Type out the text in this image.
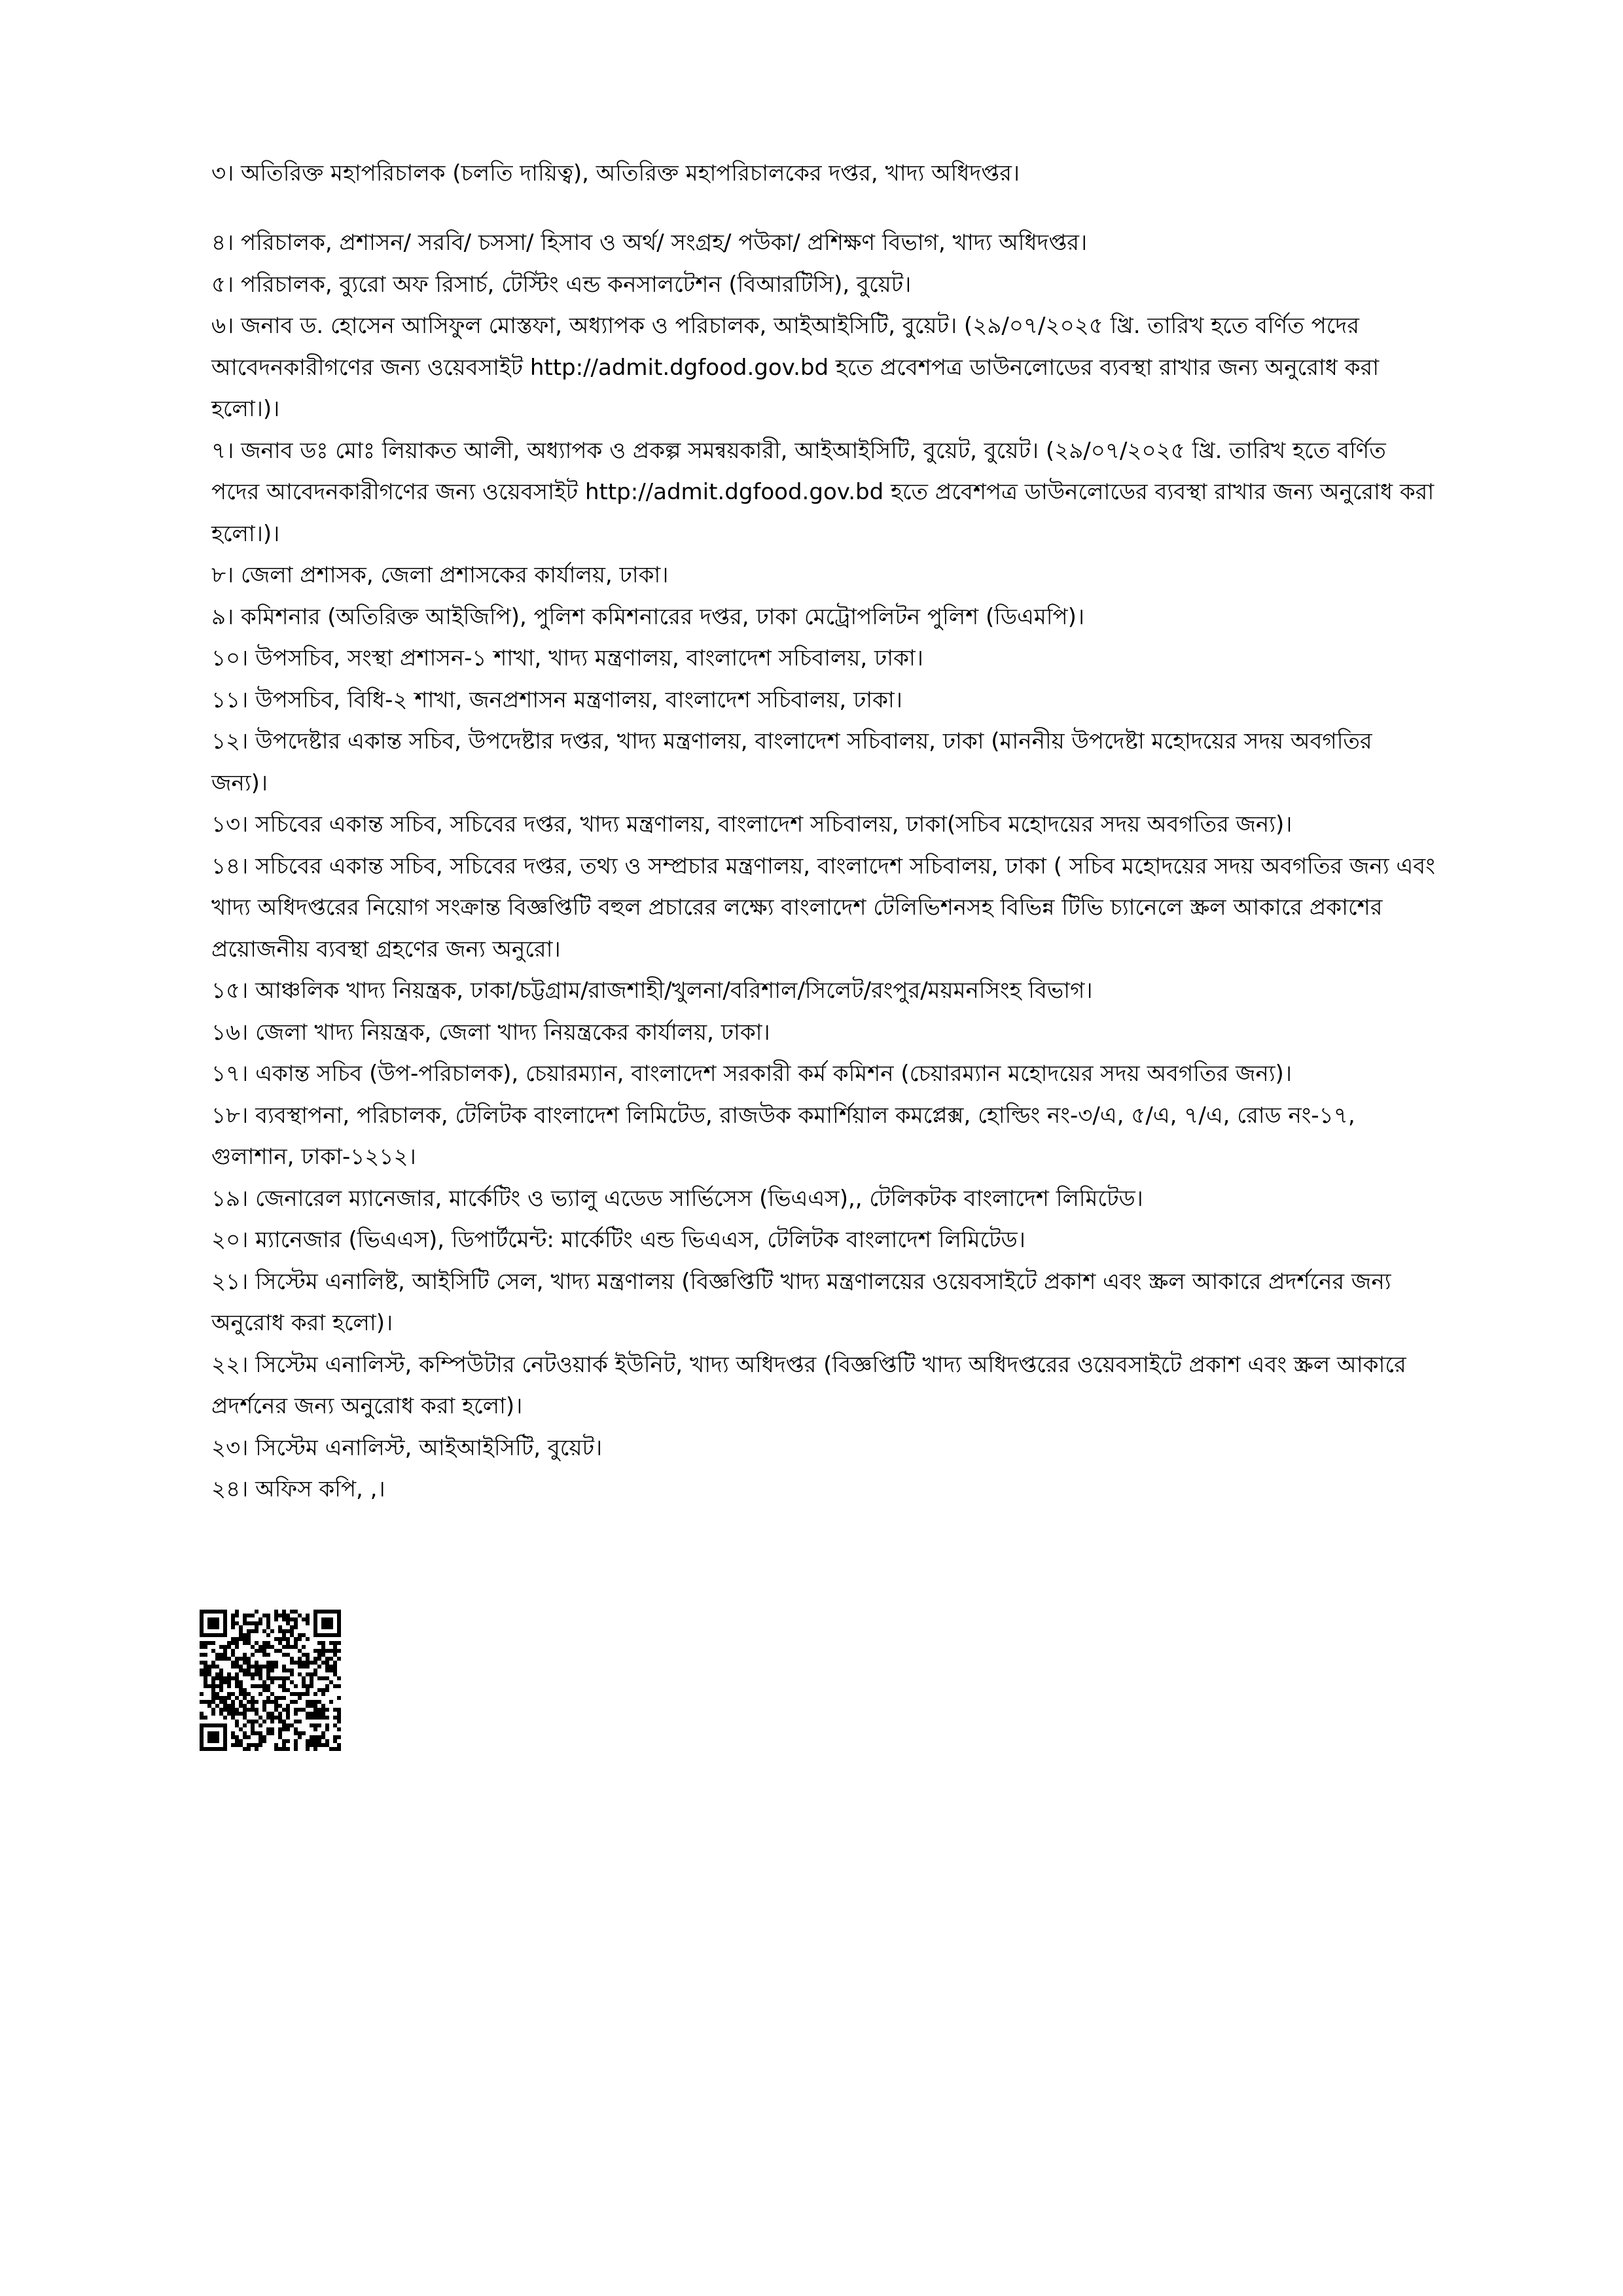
৩। অতিরিক্ত মহাপরিচালক (চলতি দায়িত্ব), অতিরিক্ত মহাপরিচালকের দপ্তর, খাদ্য অধিদপ্তর।

৪। পরিচালক, প্রশাসন/ সরবি/ চসসা/ হিসাব ও অর্থ/ সংগ্রহ/ পউকা/ প্রশিক্ষণ বিভাগ, খাদ্য অধিদপ্তর।

৫। পরিচালক, ব্যুরো অফ রিসার্চ, টেস্টিং এন্ড কনসালটেশন (বিআরটিসি), বুয়েট।

৬। জনাব ড. হোসেন আসিফুল মোস্তফা, অধ্যাপক ও পরিচালক, আইআইসিটি, বুয়েট। (২৯/০৭/২০২৫ খ্রি. তারিখ হতে বর্ণিত পদের আবেদনকারীগণের জন্য ওয়েবসাইট http://admit.dgfood.gov.bd হতে প্রবেশপত্র ডাউনলোডের ব্যবস্থা রাখার জন্য অনুরোধ করা হলো।)।

৭। জনাব ডঃ মোঃ লিয়াকত আলী, অধ্যাপক ও প্রকল্প সমন্বয়কারী, আইআইসিটি, বুয়েট, বুয়েট। (২৯/০৭/২০২৫ খ্রি. তারিখ হতে বর্ণিত পদের আবেদনকারীগণের জন্য ওয়েবসাইট http://admit.dgfood.gov.bd হতে প্রবেশপত্র ডাউনলোডের ব্যবস্থা রাখার জন্য অনুরোধ করা হলো।)।

৮। জেলা প্রশাসক, জেলা প্রশাসকের কার্যালয়, ঢাকা।

৯। কমিশনার (অতিরিক্ত আইজিপি), পুলিশ কমিশনারের দপ্তর, ঢাকা মেট্রোপলিটন পুলিশ (ডিএমপি)।

১০। উপসচিব, সংস্থা প্রশাসন-১ শাখা, খাদ্য মন্ত্রণালয়, বাংলাদেশ সচিবালয়, ঢাকা।

১১। উপসচিব, বিধি-২ শাখা, জনপ্রশাসন মন্ত্রণালয়, বাংলাদেশ সচিবালয়, ঢাকা।

১২। উপদেষ্টার একান্ত সচিব, উপদেষ্টার দপ্তর, খাদ্য মন্ত্রণালয়, বাংলাদেশ সচিবালয়, ঢাকা (মাননীয় উপদেষ্টা মহোদয়ের সদয় অবগতির জন্য)।

১৩। সচিবের একান্ত সচিব, সচিবের দপ্তর, খাদ্য মন্ত্রণালয়, বাংলাদেশ সচিবালয়, ঢাকা(সচিব মহোদয়ের সদয় অবগতির জন্য)।

১৪। সচিবের একান্ত সচিব, সচিবের দপ্তর, তথ্য ও সম্প্রচার মন্ত্রণালয়, বাংলাদেশ সচিবালয়, ঢাকা ( সচিব মহোদয়ের সদয় অবগতির জন্য এবং খাদ্য অধিদপ্তরের নিয়োগ সংক্রান্ত বিজ্ঞপ্তিটি বহুল প্রচারের লক্ষ্যে বাংলাদেশ টেলিভিশনসহ বিভিন্ন টিভি চ্যানেলে স্ক্রল আকারে প্রকাশের প্রয়োজনীয় ব্যবস্থা গ্রহণের জন্য অনুরো।

১৫। আঞ্চলিক খাদ্য নিয়ন্ত্রক, ঢাকা/চট্টগ্রাম/রাজশাহী/খুলনা/বরিশাল/সিলেট/রংপুর/ময়মনসিংহ বিভাগ।

১৬। জেলা খাদ্য নিয়ন্ত্রক, জেলা খাদ্য নিয়ন্ত্রকের কার্যালয়, ঢাকা।

১৭। একান্ত সচিব (উপ-পরিচালক), চেয়ারম্যান, বাংলাদেশ সরকারী কর্ম কমিশন (চেয়ারম্যান মহোদয়ের সদয় অবগতির জন্য)।

১৮। ব্যবস্থাপনা, পরিচালক, টেলিটক বাংলাদেশ লিমিটেড, রাজউক কমার্শিয়াল কমপ্লেক্স, হোল্ডিং নং-৩/এ, ৫/এ, ৭/এ, রোড নং-১৭, গুলাশান, ঢাকা-১২১২।

১৯। জেনারেল ম্যানেজার, মার্কেটিং ও ভ্যালু এডেড সার্ভিসেস (ভিএএস),, টেলিকটক বাংলাদেশ লিমিটেড।

২০। ম্যানেজার (ভিএএস), ডিপার্টমেন্ট: মার্কেটিং এন্ড ভিএএস, টেলিটক বাংলাদেশ লিমিটেড।

২১। সিস্টেম এনালিষ্ট, আইসিটি সেল, খাদ্য মন্ত্রণালয় (বিজ্ঞপ্তিটি খাদ্য মন্ত্রণালয়ের ওয়েবসাইটে প্রকাশ এবং স্ক্রল আকারে প্রদর্শনের জন্য অনুরোধ করা হলো)।

২২। সিস্টেম এনালিস্ট, কম্পিউটার নেটওয়ার্ক ইউনিট, খাদ্য অধিদপ্তর (বিজ্ঞপ্তিটি খাদ্য অধিদপ্তরের ওয়েবসাইটে প্রকাশ এবং স্ক্রল আকারে প্রদর্শনের জন্য অনুরোধ করা হলো)।

২৩। সিস্টেম এনালিস্ট, আইআইসিটি, বুয়েট।

২৪। অফিস কপি, ,।
